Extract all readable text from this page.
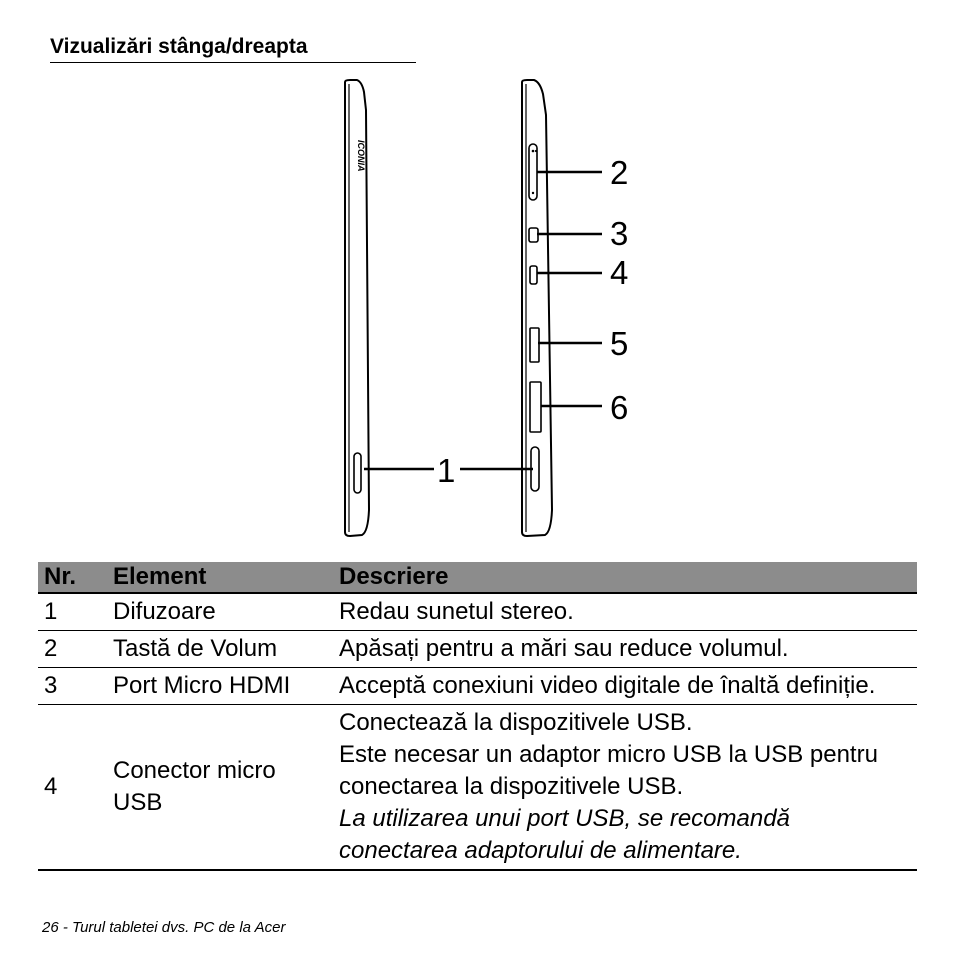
Vizualizări stânga/dreapta
ICONIA
1
2
3
4
5
6
Nr.	Element	Descriere
1	Difuzoare	Redau sunetul stereo.
2	Tastă de Volum	Apăsați pentru a mări sau reduce volumul.
3	Port Micro HDMI	Acceptă conexiuni video digitale de înaltă definiție.
4	Conector micro USB	Conectează la dispozitivele USB.
Este necesar un adaptor micro USB la USB pentru conectarea la dispozitivele USB.
La utilizarea unui port USB, se recomandă conectarea adaptorului de alimentare.
26 - Turul tabletei dvs. PC de la Acer
